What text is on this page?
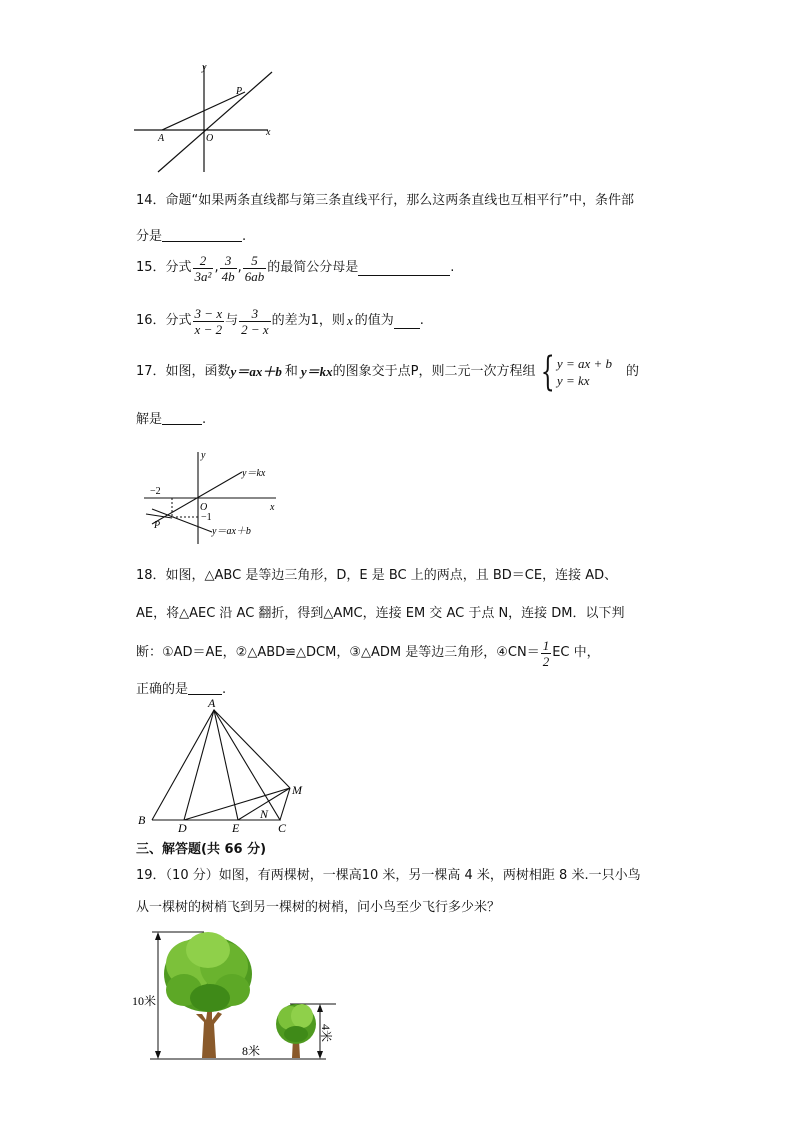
y
x
P
A	O
14．命题“如果两条直线都与第三条直线平行，那么这两条直线也互相平行”中，条件部
分是	.
15．分式 $\frac{2}{\text{3a²}}$ , $\frac{3}{4b}$ , $\frac{5}{6ab}$ 的最简公分母是	.
16．分式 $\frac{3 - x}{x - 2}$ 与 $\frac{3}{2 - x}$ 的差为1，则 x 的值为 .
17．如图，函数 y＝ax＋b 和 y＝kx 的图象交于点P，则二元一次方程组 { y = ax + b
y = kx
的
解是	.
y
x
O
−2
−1
P
y＝kx
y＝ax＋b
18．如图，△ABC 是等边三角形，D，E 是 BC 上的两点，且 BD＝CE，连接 AD、
AE，将△AEC 沿 AC 翻折，得到△AMC，连接 EM 交 AC 于点 N，连接 DM．以下判
断：①AD＝AE，②△ABD≌△DCM，③△ADM 是等边三角形，④CN＝ $\frac{1}{2}$ EC 中，
正确的是	.
A
B
C
D	E
M
N
三、解答题(共 66 分)
19．（10 分）如图，有两棵树，一棵高10 米，另一棵高 4 米，两树相距 8 米.一只小鸟
从一棵树的树梢飞到另一棵树的树梢，问小鸟至少飞行多少米？
10米
4米
8米
